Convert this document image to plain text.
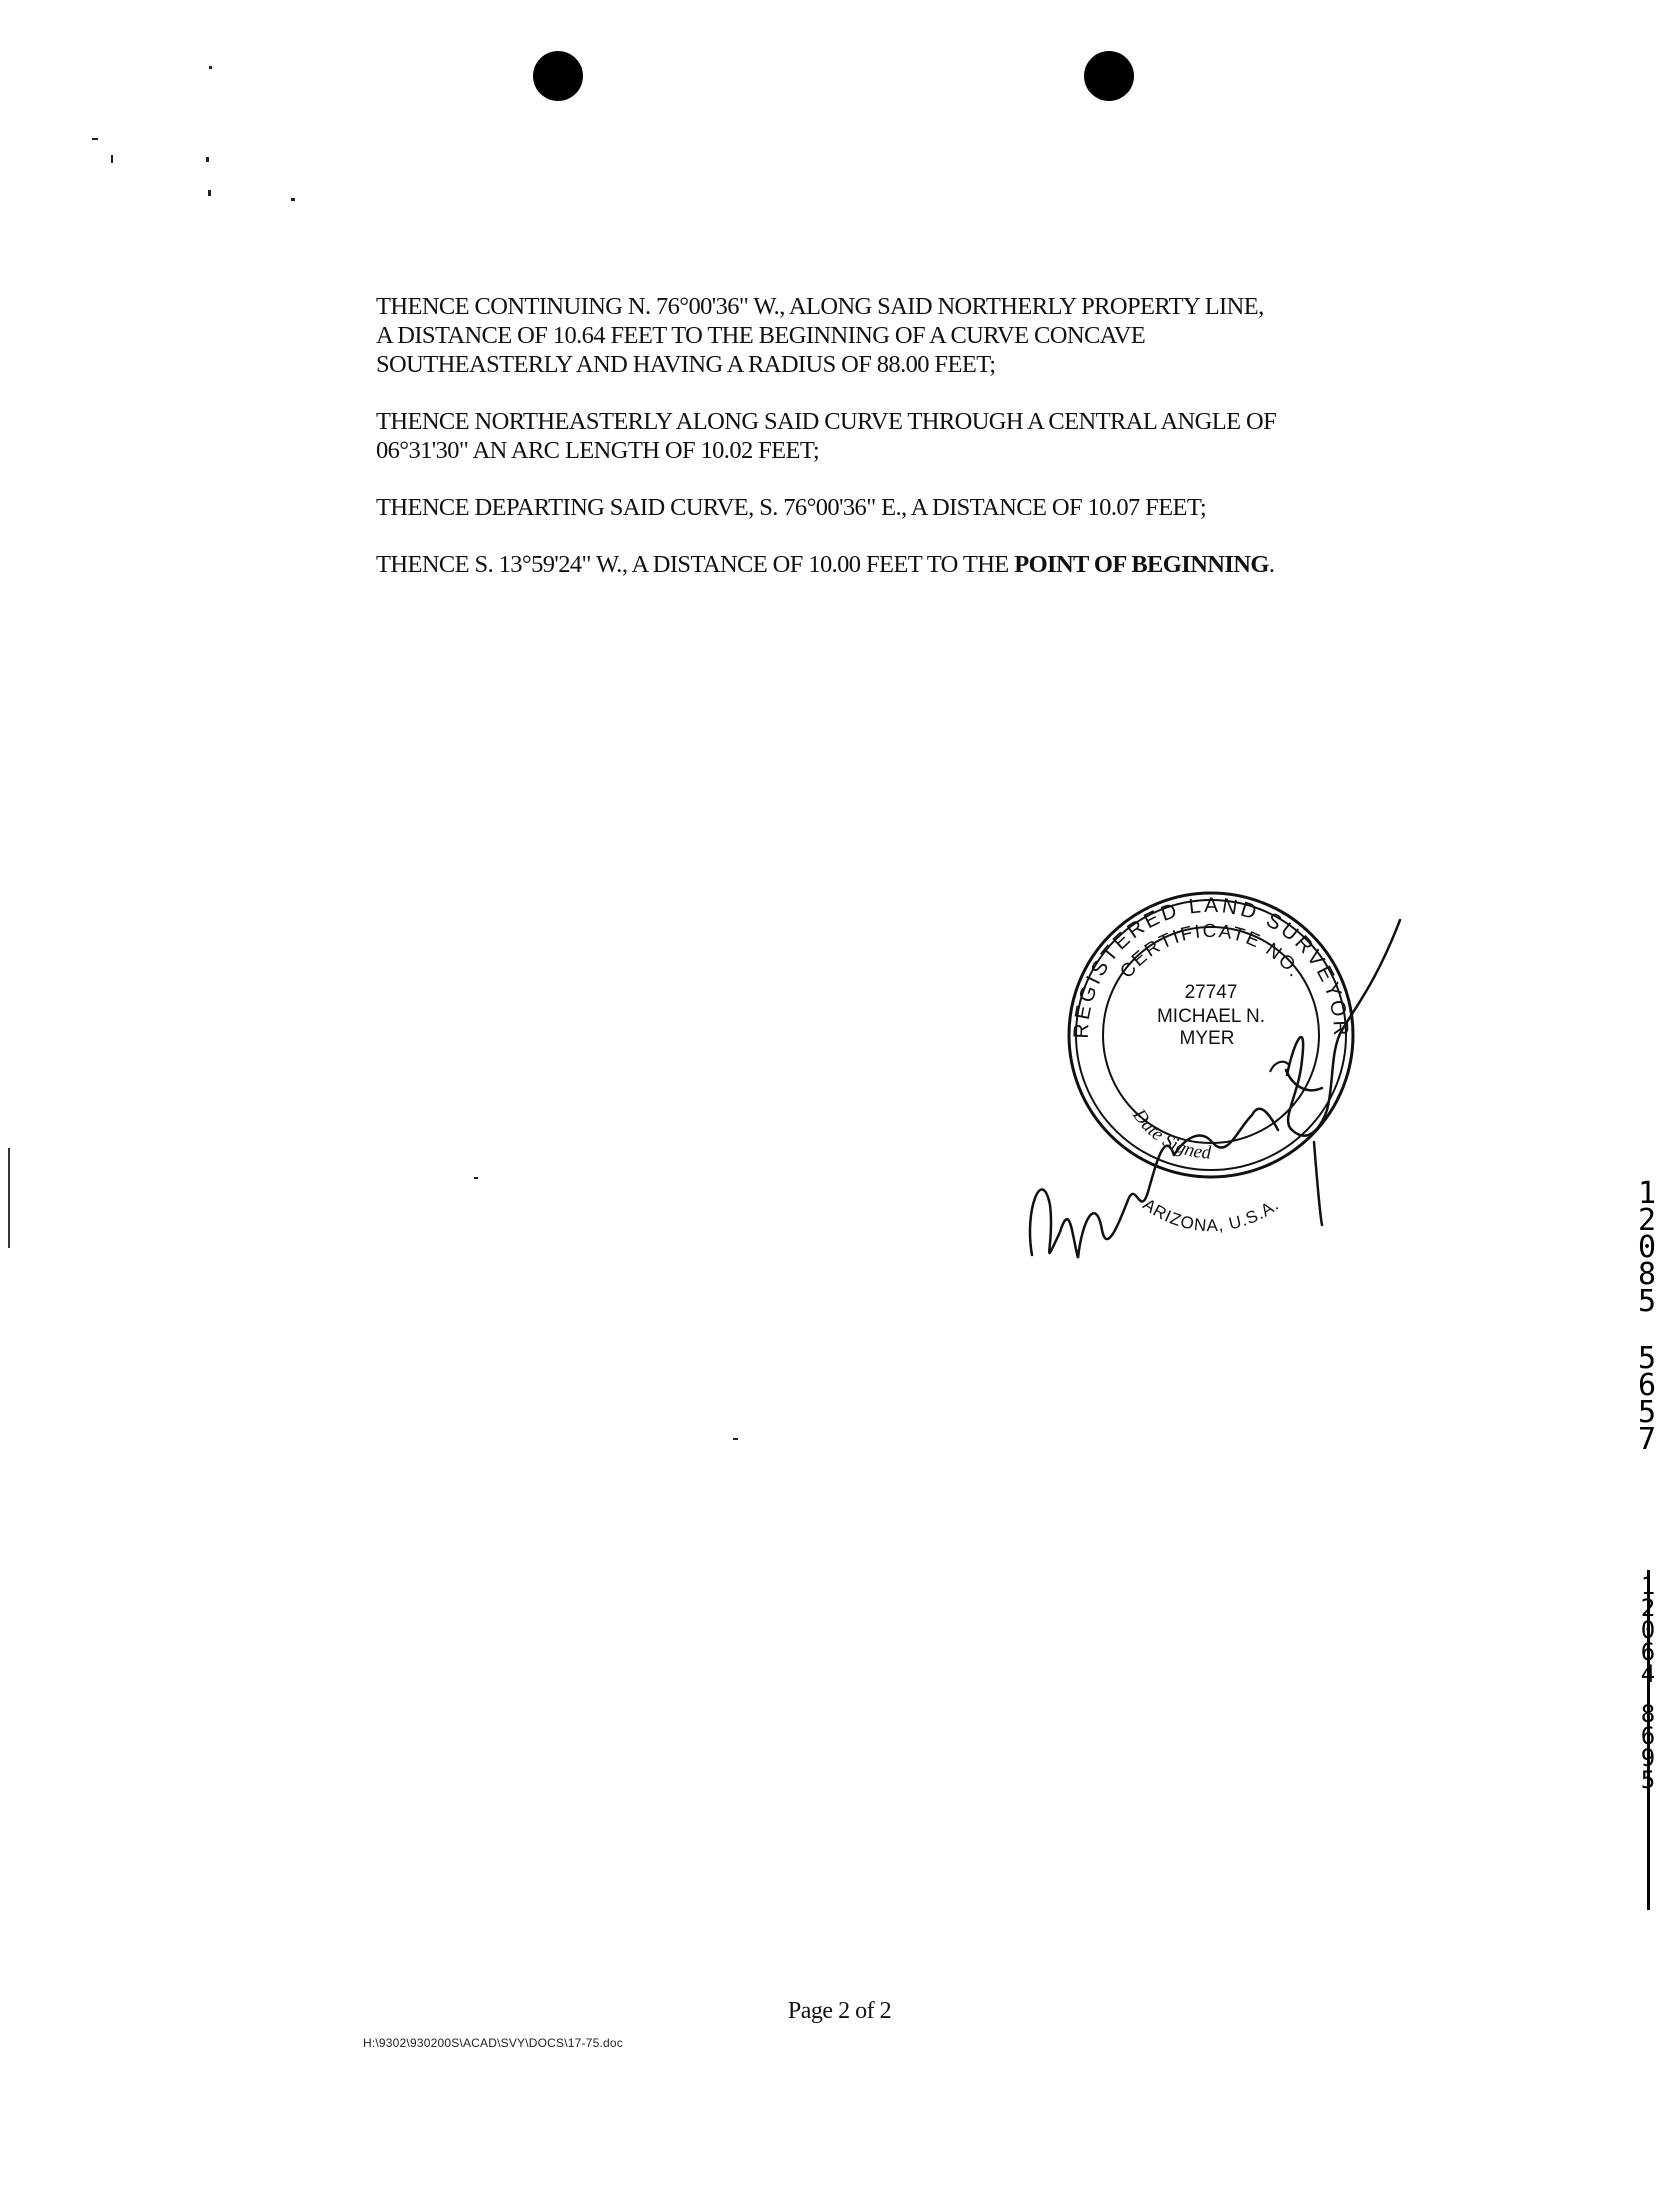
THENCE CONTINUING N. 76°00'36" W., ALONG SAID NORTHERLY PROPERTY LINE,
A DISTANCE OF 10.64 FEET TO THE BEGINNING OF A CURVE CONCAVE
SOUTHEASTERLY AND HAVING A RADIUS OF 88.00 FEET;

THENCE NORTHEASTERLY ALONG SAID CURVE THROUGH A CENTRAL ANGLE OF
06°31'30" AN ARC LENGTH OF 10.02 FEET;

THENCE DEPARTING SAID CURVE, S. 76°00'36" E., A DISTANCE OF 10.07 FEET;

THENCE S. 13°59'24" W., A DISTANCE OF 10.00 FEET TO THE POINT OF BEGINNING.

REGISTERED LAND SURVEYOR
CERTIFICATE NO.
27747
MICHAEL N.
MYER
Date Signed
ARIZONA, U.S.A.	1
2
0
8
5
5
6
5
7
1
2
0
6
4
8
6
9
5
Page 2 of 2
H:\9302\930200S\ACAD\SVY\DOCS\17-75.doc
